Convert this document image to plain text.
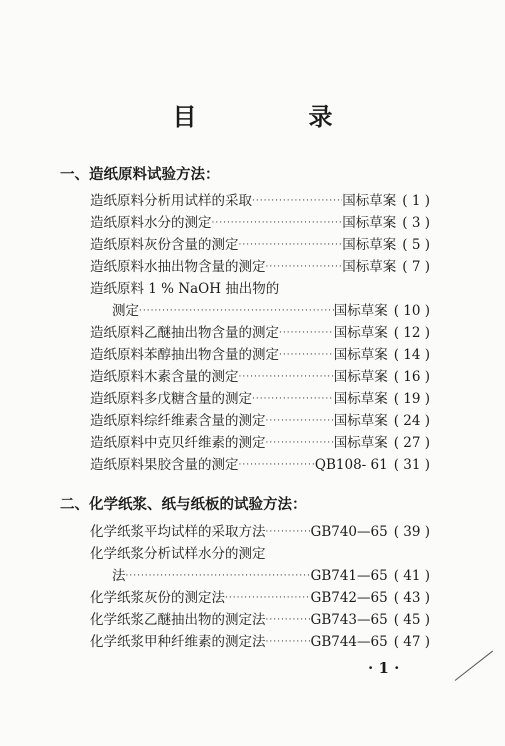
目　录
一、造纸原料试验方法：
造纸原料分析用试样的采取 ·····	国标草案 ( 1 )
造纸原料水分的测定 ·····	国标草案 ( 3 )
造纸原料灰份含量的测定 ·····	国标草案 ( 5 )
造纸原料水抽出物含量的测定 ·····	国标草案 ( 7 )
造纸原料 1 % NaOH 抽出物的
测定 ·····	国标草案 ( 10 )
造纸原料乙醚抽出物含量的测定 ·····	国标草案 ( 12 )
造纸原料苯醇抽出物含量的测定 ·····	国标草案 ( 14 )
造纸原料木素含量的测定 ·····	国标草案 ( 16 )
造纸原料多戊糖含量的测定 ·····	国标草案 ( 19 )
造纸原料综纤维素含量的测定 ·····	国标草案 ( 24 )
造纸原料中克贝纤维素的测定 ·····	国标草案 ( 27 )
造纸原料果胶含量的测定 ·····	QB108- 61 ( 31 )
二、化学纸浆、纸与纸板的试验方法：
化学纸浆平均试样的采取方法 ·····	GB740—65 ( 39 )
化学纸浆分析试样水分的测定
法 ·····	GB741—65 ( 41 )
化学纸浆灰份的测定法 ·····	GB742—65 ( 43 )
化学纸浆乙醚抽出物的测定法 ·····	GB743—65 ( 45 )
化学纸浆甲种纤维素的测定法 ·····	GB744—65 ( 47 )
· 1 ·
